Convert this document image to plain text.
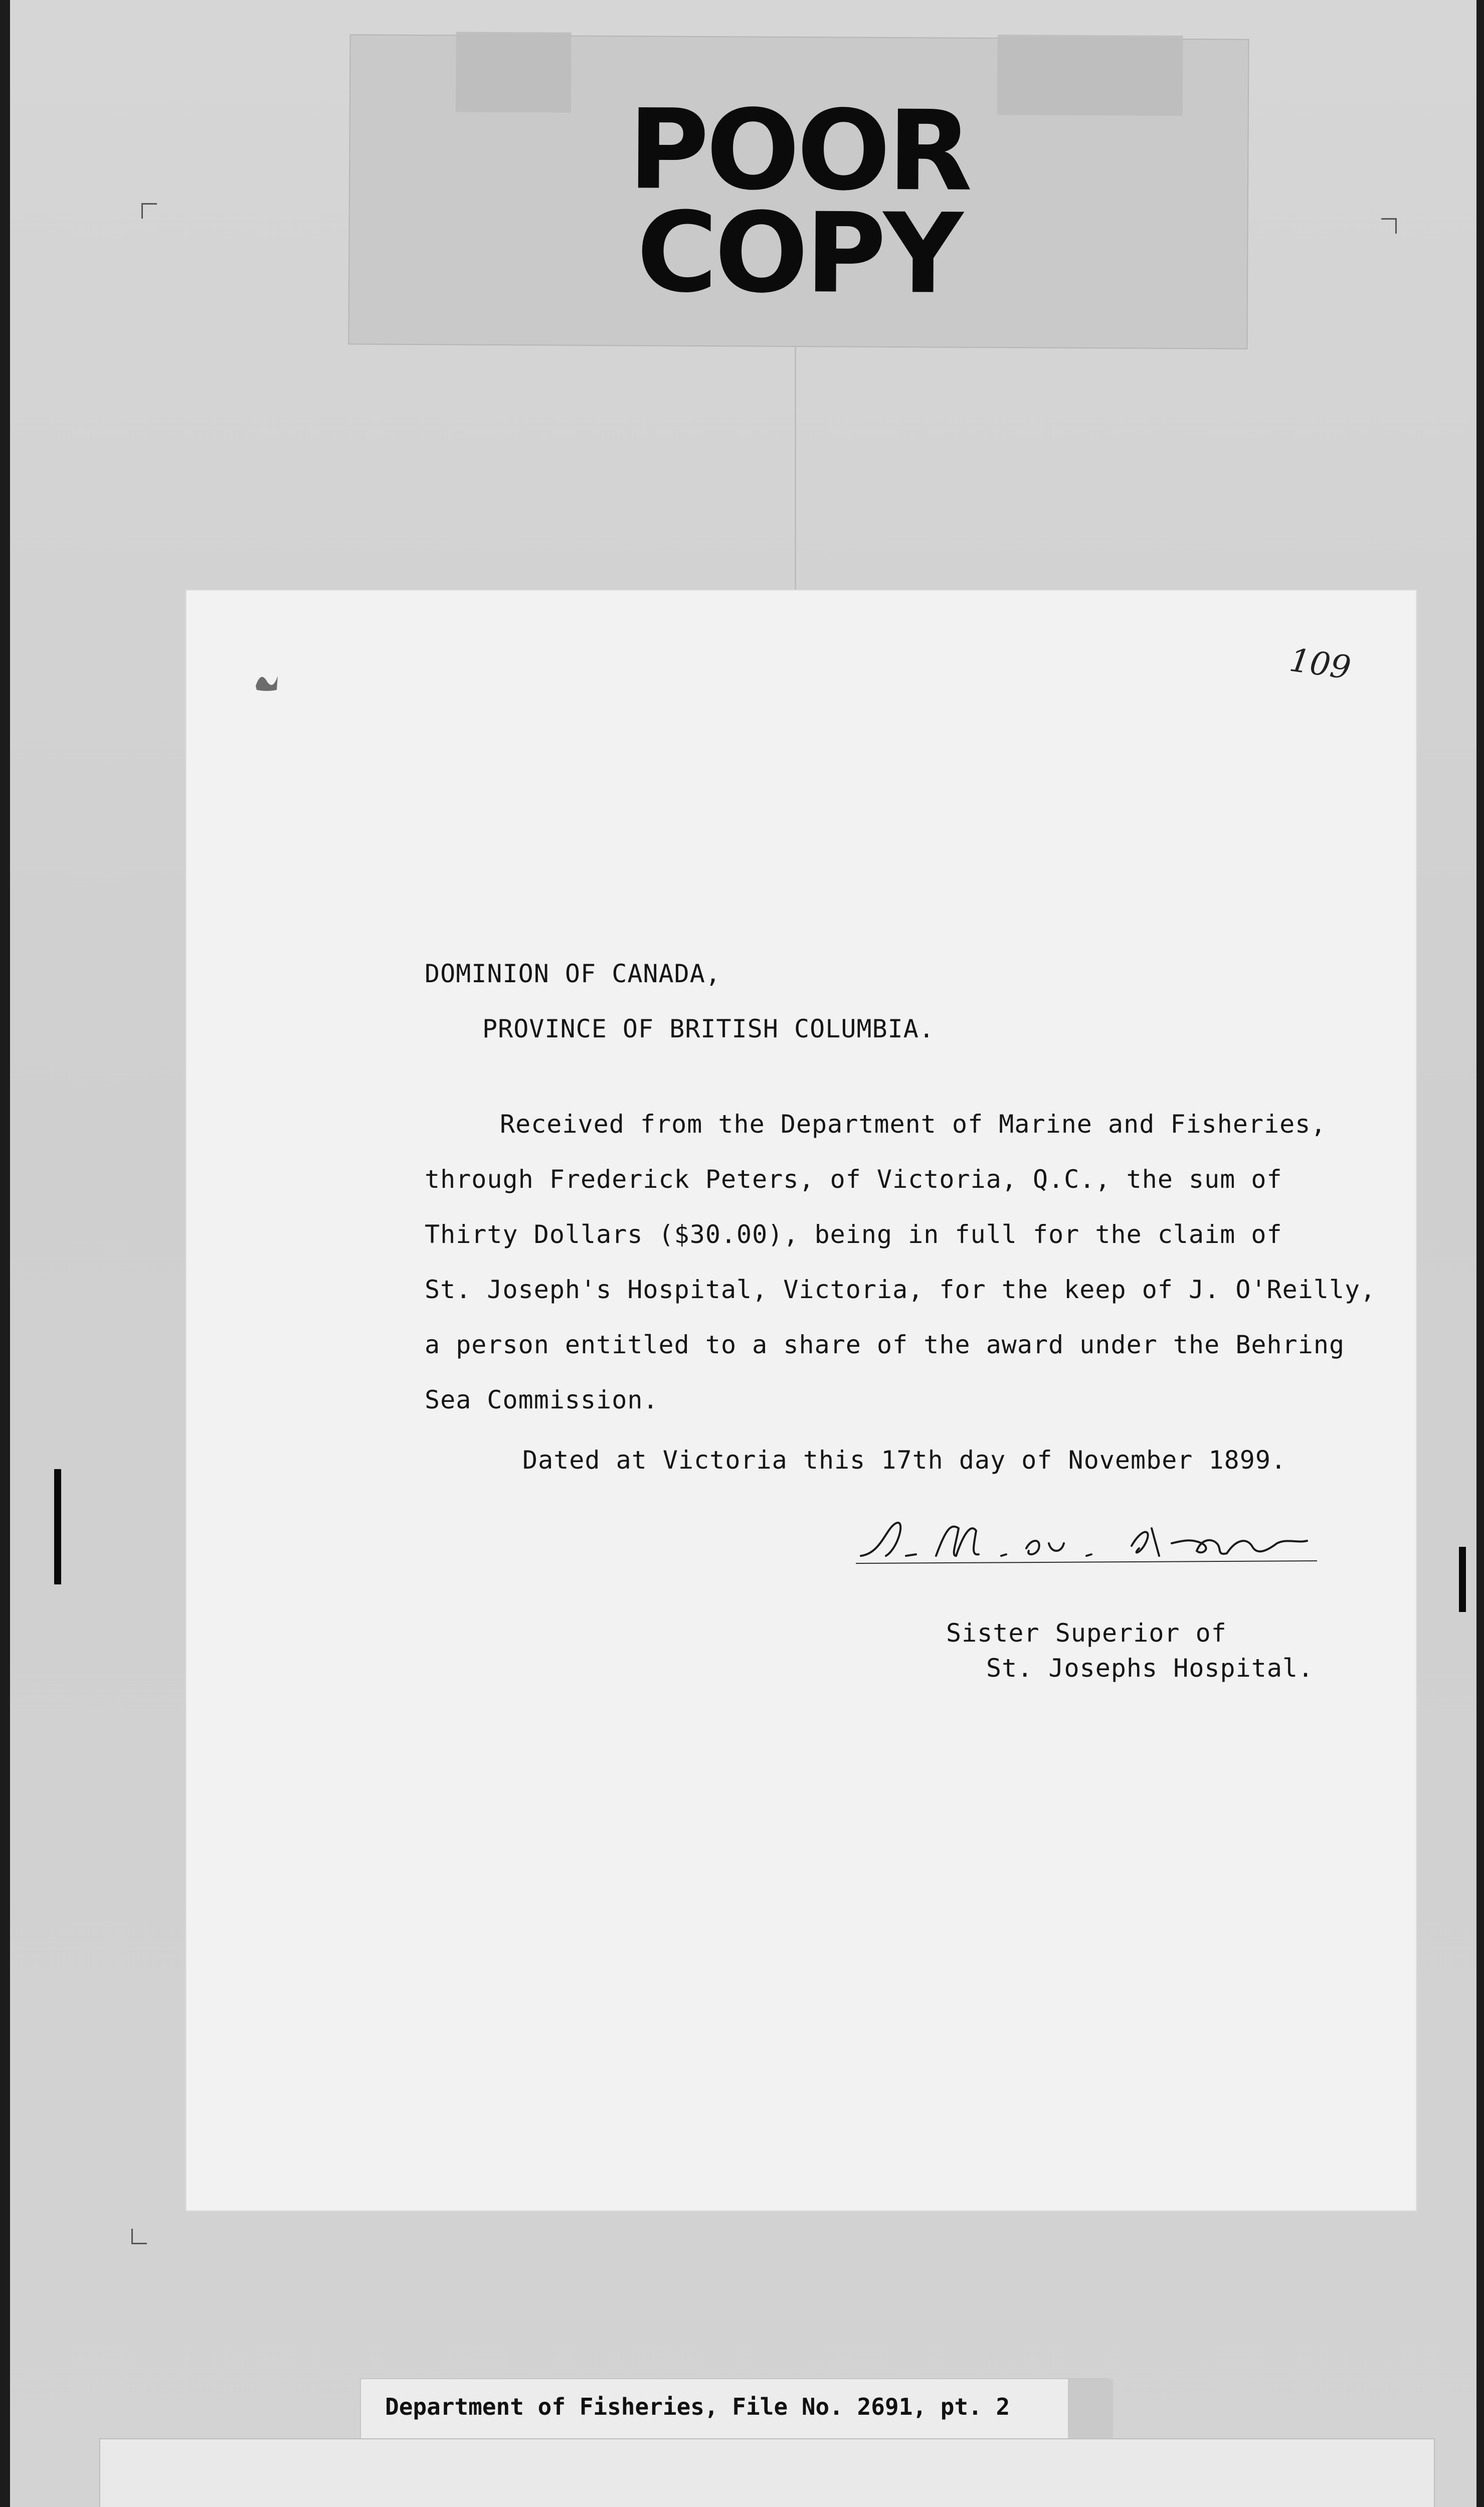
POOR
COPY
109
DOMINION OF CANADA,
PROVINCE OF BRITISH COLUMBIA.
Received from the Department of Marine and Fisheries,
through Frederick Peters, of Victoria, Q.C., the sum of
Thirty Dollars ($30.00), being in full for the claim of
St. Joseph's Hospital, Victoria, for the keep of J. O'Reilly,
a person entitled to a share of the award under the Behring
Sea Commission.
Dated at Victoria this 17th day of November 1899.
Sister Superior of
St. Josephs Hospital.
Department of Fisheries, File No. 2691, pt. 2
